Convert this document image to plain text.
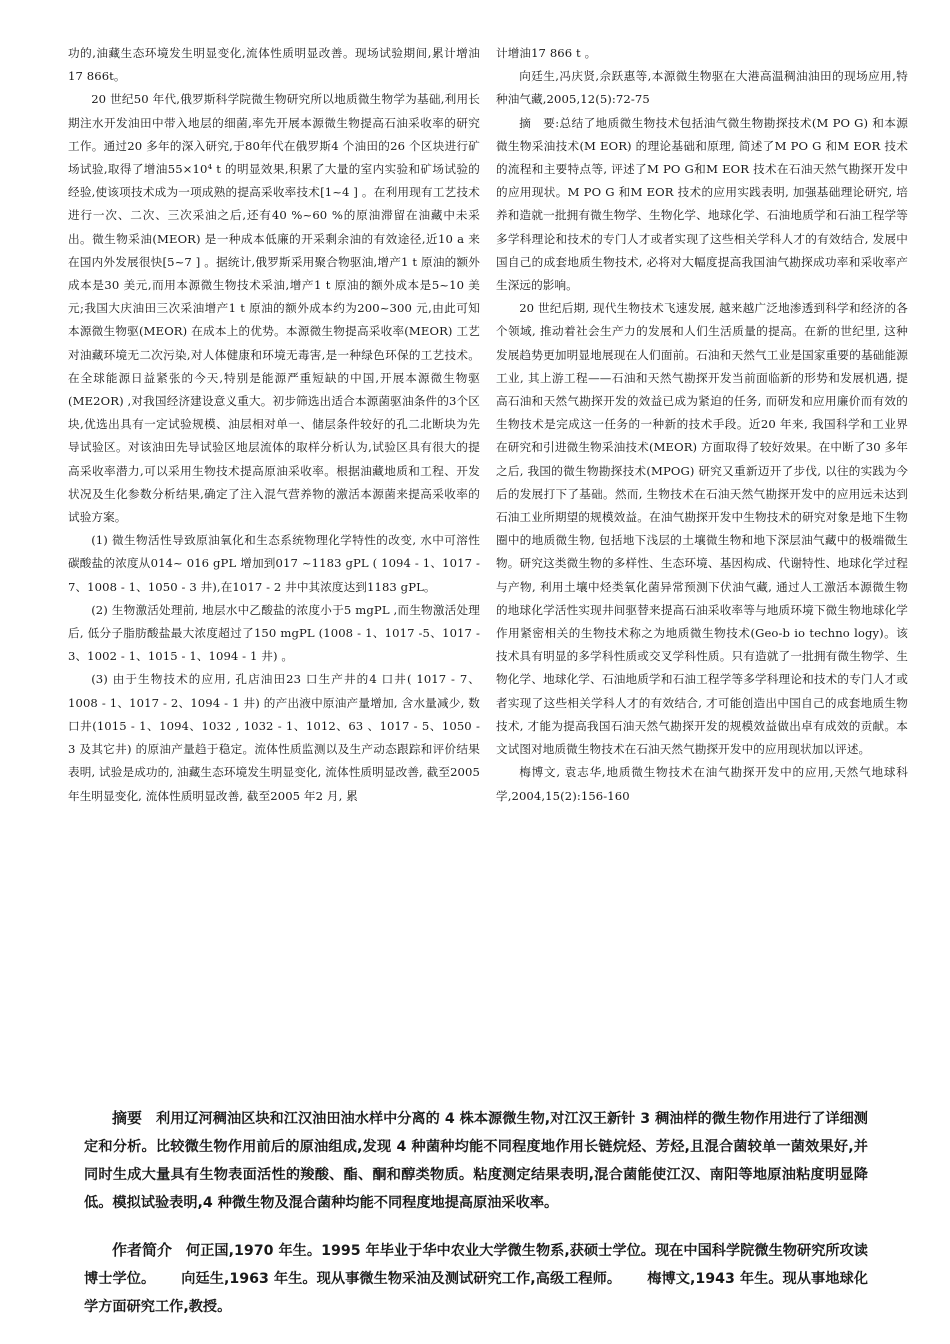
功的,油藏生态环境发生明显变化,流体性质明显改善。现场试验期间,累计增油17 866t。

20 世纪50 年代,俄罗斯科学院微生物研究所以地质微生物学为基础,利用长期注水开发油田中带入地层的细菌,率先开展本源微生物提高石油采收率的研究工作。通过20 多年的深入研究,于80年代在俄罗斯4 个油田的26 个区块进行矿场试验,取得了增油55×10⁴ t 的明显效果,积累了大量的室内实验和矿场试验的经验,使该项技术成为一项成熟的提高采收率技术[1~4 ] 。在利用现有工艺技术进行一次、二次、三次采油之后,还有40 %~60 %的原油滞留在油藏中未采出。微生物采油(MEOR) 是一种成本低廉的开采剩余油的有效途径,近10 a 来在国内外发展很快[5~7 ] 。据统计,俄罗斯采用聚合物驱油,增产1 t 原油的额外成本是30 美元,而用本源微生物技术采油,增产1 t 原油的额外成本是5~10 美元;我国大庆油田三次采油增产1 t 原油的额外成本约为200~300 元,由此可知本源微生物驱(MEOR) 在成本上的优势。本源微生物提高采收率(MEOR) 工艺对油藏环境无二次污染,对人体健康和环境无毒害,是一种绿色环保的工艺技术。在全球能源日益紧张的今天,特别是能源严重短缺的中国,开展本源微生物驱(ME2OR) ,对我国经济建设意义重大。初步筛选出适合本源菌驱油条件的3个区块,优选出具有一定试验规模、油层相对单一、储层条件较好的孔二北断块为先导试验区。对该油田先导试验区地层流体的取样分析认为,试验区具有很大的提高采收率潜力,可以采用生物技术提高原油采收率。根据油藏地质和工程、开发状况及生化参数分析结果,确定了注入混气营养物的激活本源菌来提高采收率的试验方案。

(1) 微生物活性导致原油氧化和生态系统物理化学特性的改变, 水中可溶性碳酸盐的浓度从014~ 016 gPL 增加到017 ~1183 gPL ( 1094 - 1、1017 - 7、1008 - 1、1050 - 3 井),在1017 - 2 井中其浓度达到1183 gPL。

(2) 生物激活处理前, 地层水中乙酸盐的浓度小于5 mgPL ,而生物激活处理后, 低分子脂肪酸盐最大浓度超过了150 mgPL (1008 - 1、1017 -5、1017 - 3、1002 - 1、1015 - 1、1094 - 1 井) 。

(3) 由于生物技术的应用, 孔店油田23 口生产井的4 口井( 1017 - 7、1008 - 1、1017 - 2、1094 - 1 井) 的产出液中原油产量增加, 含水量减少, 数口井(1015 - 1、1094、1032 , 1032 - 1、1012、63 、1017 - 5、1050 - 3 及其它井) 的原油产量趋于稳定。流体性质监测以及生产动态跟踪和评价结果表明, 试验是成功的, 油藏生态环境发生明显变化, 流体性质明显改善, 截至2005 年生明显变化, 流体性质明显改善, 截至2005 年2 月, 累

计增油17 866 t 。

向廷生,冯庆贤,佘跃惠等,本源微生物驱在大港高温稠油油田的现场应用,特种油气藏,2005,12(5):72-75

摘　要:总结了地质微生物技术包括油气微生物勘探技术(M PO G) 和本源微生物采油技术(M EOR) 的理论基础和原理, 简述了M PO G 和M EOR 技术的流程和主要特点等, 评述了M PO G和M EOR 技术在石油天然气勘探开发中的应用现状。M PO G 和M EOR 技术的应用实践表明, 加强基础理论研究, 培养和造就一批拥有微生物学、生物化学、地球化学、石油地质学和石油工程学等多学科理论和技术的专门人才或者实现了这些相关学科人才的有效结合, 发展中国自己的成套地质生物技术, 必将对大幅度提高我国油气勘探成功率和采收率产生深远的影响。

20 世纪后期, 现代生物技术飞速发展, 越来越广泛地渗透到科学和经济的各个领域, 推动着社会生产力的发展和人们生活质量的提高。在新的世纪里, 这种发展趋势更加明显地展现在人们面前。石油和天然气工业是国家重要的基础能源工业, 其上游工程——石油和天然气勘探开发当前面临新的形势和发展机遇, 提高石油和天然气勘探开发的效益已成为紧迫的任务, 而研发和应用廉价而有效的生物技术是完成这一任务的一种新的技术手段。近20 年来, 我国科学和工业界在研究和引进微生物采油技术(MEOR) 方面取得了较好效果。在中断了30 多年之后, 我国的微生物勘探技术(MPOG) 研究又重新迈开了步伐, 以往的实践为今后的发展打下了基础。然而, 生物技术在石油天然气勘探开发中的应用远未达到石油工业所期望的规模效益。在油气勘探开发中生物技术的研究对象是地下生物圈中的地质微生物, 包括地下浅层的土壤微生物和地下深层油气藏中的极端微生物。研究这类微生物的多样性、生态环境、基因构成、代谢特性、地球化学过程与产物, 利用土壤中烃类氧化菌异常预测下伏油气藏, 通过人工激活本源微生物的地球化学活性实现井间驱替来提高石油采收率等与地质环境下微生物地球化学作用紧密相关的生物技术称之为地质微生物技术(Geo-b io techno logy)。该技术具有明显的多学科性质或交叉学科性质。只有造就了一批拥有微生物学、生物化学、地球化学、石油地质学和石油工程学等多学科理论和技术的专门人才或者实现了这些相关学科人才的有效结合, 才可能创造出中国自己的成套地质生物技术, 才能为提高我国石油天然气勘探开发的规模效益做出卓有成效的贡献。本文试图对地质微生物技术在石油天然气勘探开发中的应用现状加以评述。

梅博文, 袁志华,地质微生物技术在油气勘探开发中的应用,天然气地球科学,2004,15(2):156-160

摘要 利用辽河稠油区块和江汉油田油水样中分离的 4 株本源微生物,对江汉王新针 3 稠油样的微生物作用进行了详细测定和分析。比较微生物作用前后的原油组成,发现 4 种菌种均能不同程度地作用长链烷烃、芳烃,且混合菌较单一菌效果好,并同时生成大量具有生物表面活性的羧酸、酯、酮和醇类物质。粘度测定结果表明,混合菌能使江汉、南阳等地原油粘度明显降低。模拟试验表明,4 种微生物及混合菌种均能不同程度地提高原油采收率。
作者简介 何正国,1970 年生。1995 年毕业于华中农业大学微生物系,获硕士学位。现在中国科学院微生物研究所攻读博士学位。 向廷生,1963 年生。现从事微生物采油及测试研究工作,高级工程师。 梅博文,1943 年生。现从事地球化学方面研究工作,教授。
